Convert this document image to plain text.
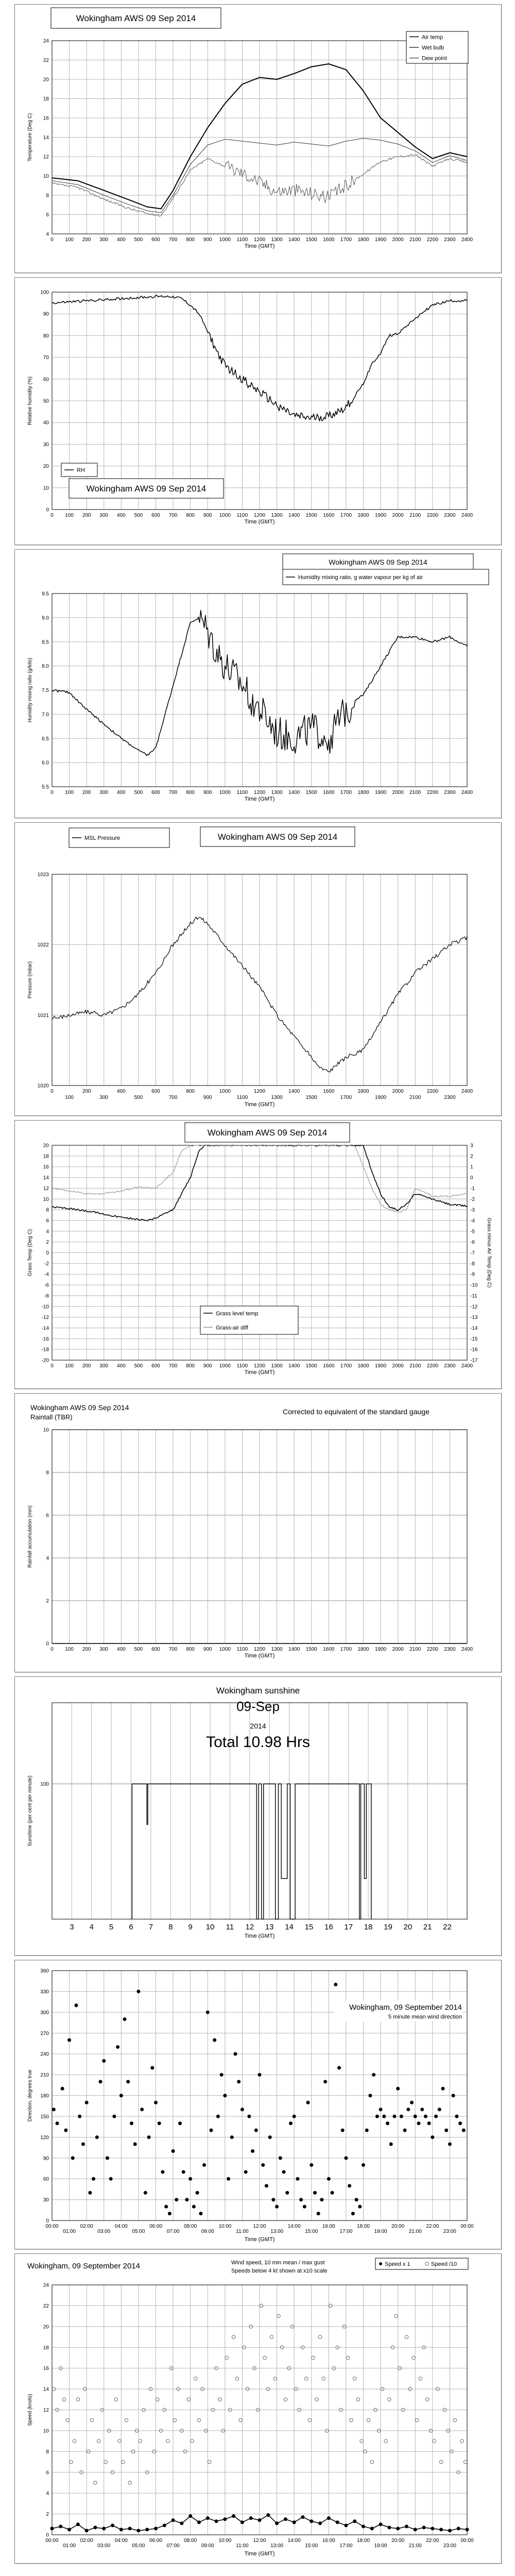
0 100 200 300 400 500 600 700 800 900 1000 1100 1200 1300 1400 1500 1600 1700 1800 1900 2000 2100 2200 2300 2400
4
6
8
10
12
14
16
18
20
22
24
Time (GMT)
Temperature (Deg C)
Wokingham AWS 09 Sep 2014
Air temp
Wet bulb
Dew point
0 100 200 300 400 500 600 700 800 900 1000 1100 1200 1300 1400 1500 1600 1700 1800 1900 2000 2100 2200 2300 2400
0
10
20
30
40
50
60
70
80
90
100
Time (GMT)
Relative humidity (%)
Wokingham AWS 09 Sep 2014
RH
0 100 200 300 400 500 600 700 800 900 1000 1100 1200 1300 1400 1500 1600 1700 1800 1900 2000 2100 2200 2300 2400
5.5
6.0
6.5
7.0
7.5
8.0
8.5
9.0
9.5
Time (GMT)
Humidity mixing ratio (g/kilo)
Wokingham AWS 09 Sep 2014
Humidity mixing ratio, g water vapour per kg of air
0
100
200
300
400
500
600
700
800
900
1000
1100
1200
1300
1400
1500
1600
1700
1800
1900
2000
2100
2200
2300
2400
1020
1021
1022
1023
Time (GMT)
Pressure (mbar)
Wokingham AWS 09 Sep 2014
MSL Pressure
0 100 200 300 400 500 600 700 800 900 1000 1100 1200 1300 1400 1500 1600 1700 1800 1900 2000 2100 2200 2300 2400
-20
-18
-16
-14
-12
-10
-8
-6
-4
-2
0
2
4
6
8
10
12
14
16
18
20
-17
-16
-15
-14
-13
-12
-11
-10
-9
-8
-7
-6
-5
-4
-3
-2
-1
0
1
2
3
Grass minus Air Temp (Deg C)
Time (GMT)
Grass Temp (Deg C)
Wokingham AWS 09 Sep 2014
Grass level temp
Grass-air diff
0 100 200 300 400 500 600 700 800 900 1000 1100 1200 1300 1400 1500 1600 1700 1800 1900 2000 2100 2200 2300 2400
0
2
4
6
8
10
Time (GMT)
Rainfall accumulation (mm)
Wokingham AWS 09 Sep 2014
Raintall (TBR)
Corrected to equivalent of the standard gauge
3 4 5 6 7 8 9 10 11 12 13 14 15 16 17 18 19 20 21 22
100
Time (GMT)
Sunshine (per cent per minute)
Wokingham sunshine
09-Sep
2014
Total 10.98 Hrs
00:00
01:00
02:00
03:00
04:00
05:00
06:00
07:00
08:00
09:00
10:00
11:00
12:00
13:00
14:00
15:00
16:00
17:00
18:00
19:00
20:00
21:00
22:00
23:00
00:00
0
30
60
90
120
150
180
210
240
270
300
330
360
Time (GMT)
Direction, degrees true
Wokingham, 09 September 2014
5 minute mean wind direction
00:00
01:00
02:00
03:00
04:00
05:00
06:00
07:00
08:00
09:00
10:00
11:00
12:00
13:00
14:00
15:00
16:00
17:00
18:00
19:00
20:00
21:00
22:00
23:00
00:00
0
2
4
6
8
10
12
14
16
18
20
22
24
Time (GMT)
Speed (knots)
Wokingham, 09 September 2014	Wind speed, 10 min mean / max gust
Speeds below 4 kt shown at x10 scale
Speed x 1	Speed /10
